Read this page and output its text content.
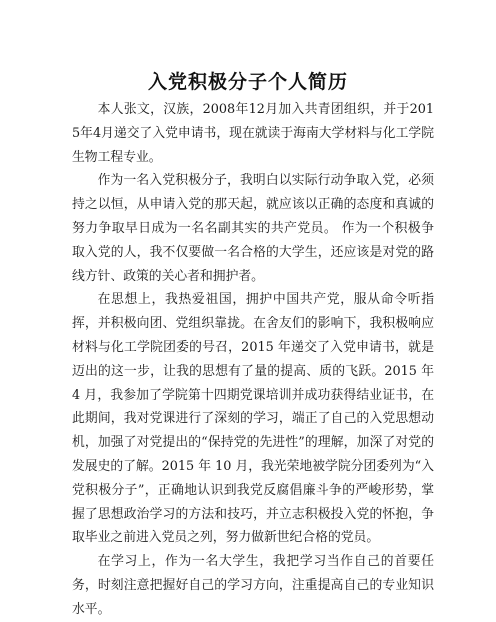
入党积极分子个人简历

本人张文，汉族，2008年12月加入共青团组织，并于2015年4月递交了入党申请书，现在就读于海南大学材料与化工学院生物工程专业。

作为一名入党积极分子，我明白以实际行动争取入党，必须持之以恒，从申请入党的那天起，就应该以正确的态度和真诚的努力争取早日成为一名名副其实的共产党员。 作为一个积极争取入党的人，我不仅要做一名合格的大学生，还应该是对党的路线方针、政策的关心者和拥护者。

在思想上，我热爱祖国，拥护中国共产党，服从命令听指挥，并积极向团、党组织靠拢。在舍友们的影响下，我积极响应材料与化工学院团委的号召，2015 年递交了入党申请书，就是迈出的这一步，让我的思想有了量的提高、质的飞跃。2015 年 4 月，我参加了学院第十四期党课培训并成功获得结业证书，在此期间，我对党课进行了深刻的学习，端正了自己的入党思想动机，加强了对党提出的“保持党的先进性”的理解，加深了对党的发展史的了解。2015 年 10 月，我光荣地被学院分团委列为“入党积极分子”，正确地认识到我党反腐倡廉斗争的严峻形势，掌握了思想政治学习的方法和技巧，并立志积极投入党的怀抱，争取毕业之前进入党员之列，努力做新世纪合格的党员。

在学习上，作为一名大学生，我把学习当作自己的首要任务，时刻注意把握好自己的学习方向，注重提高自己的专业知识水平。
